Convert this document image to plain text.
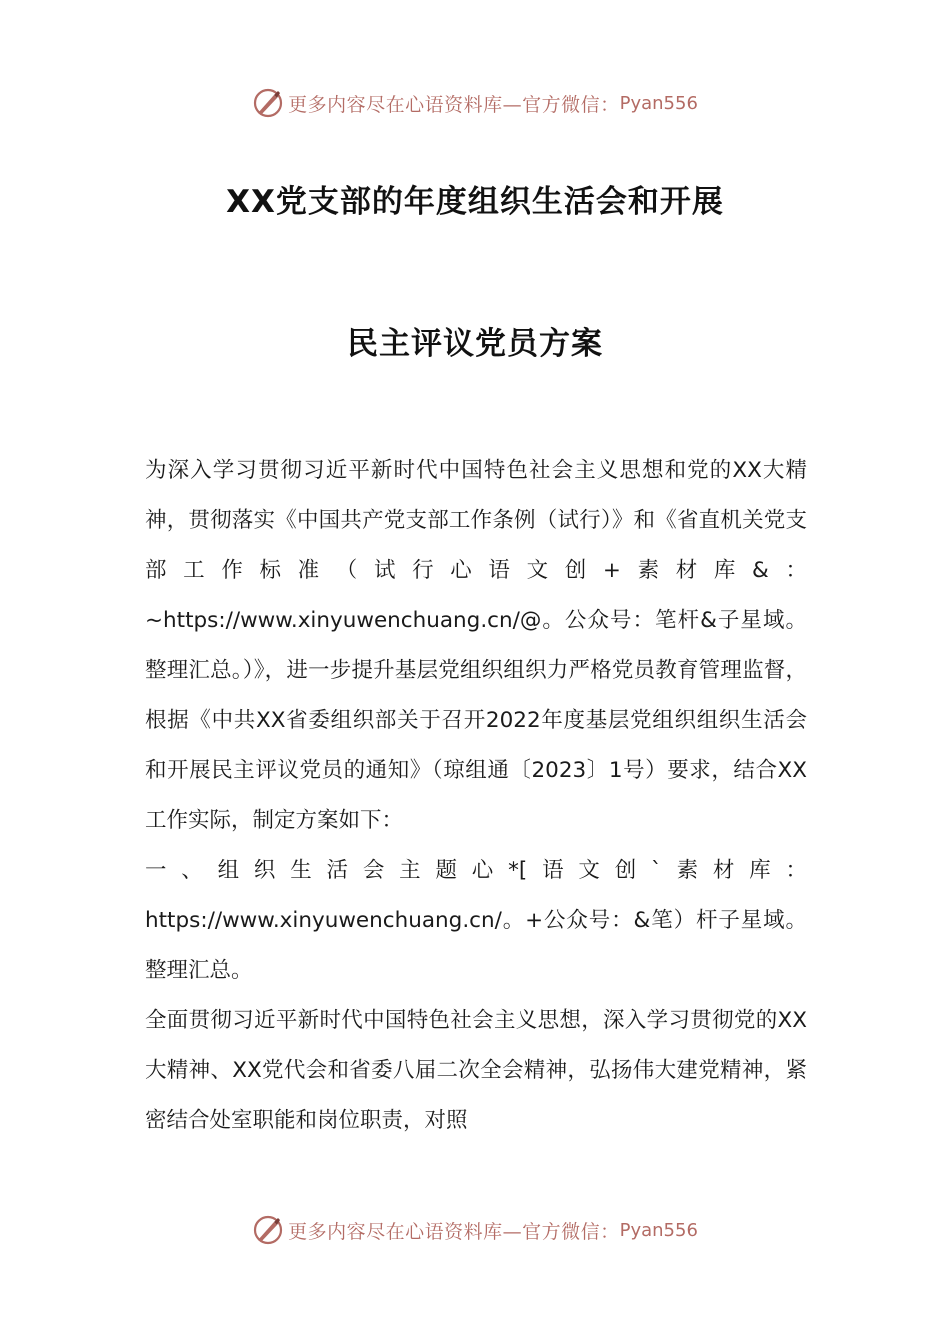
更多内容尽在心语资料库—官方微信： Pyan556
XX党支部的年度组织生活会和开展
民主评议党员方案

为深入学习贯彻习近平新时代中国特色社会主义思想和党的XX大精神，贯彻落实《中国共产党支部工作条例（试行）》和《省直机关党支部工作标准（试行心语文创+素材库&：~https://www.xinyuwenchuang.cn/@。公众号：笔杆&子星域。整理汇总。）》，进一步提升基层党组织组织力严格党员教育管理监督，根据《中共XX省委组织部关于召开2022年度基层党组织组织生活会和开展民主评议党员的通知》（琼组通〔2023〕1号）要求，结合XX工作实际，制定方案如下：

一、组织生活会主题心*[语文创`素材库：https://www.xinyuwenchuang.cn/。+公众号：&笔）杆子星域。整理汇总。

全面贯彻习近平新时代中国特色社会主义思想，深入学习贯彻党的XX大精神、XX党代会和省委八届二次全会精神，弘扬伟大建党精神，紧密结合处室职能和岗位职责，对照

更多内容尽在心语资料库—官方微信： Pyan556
